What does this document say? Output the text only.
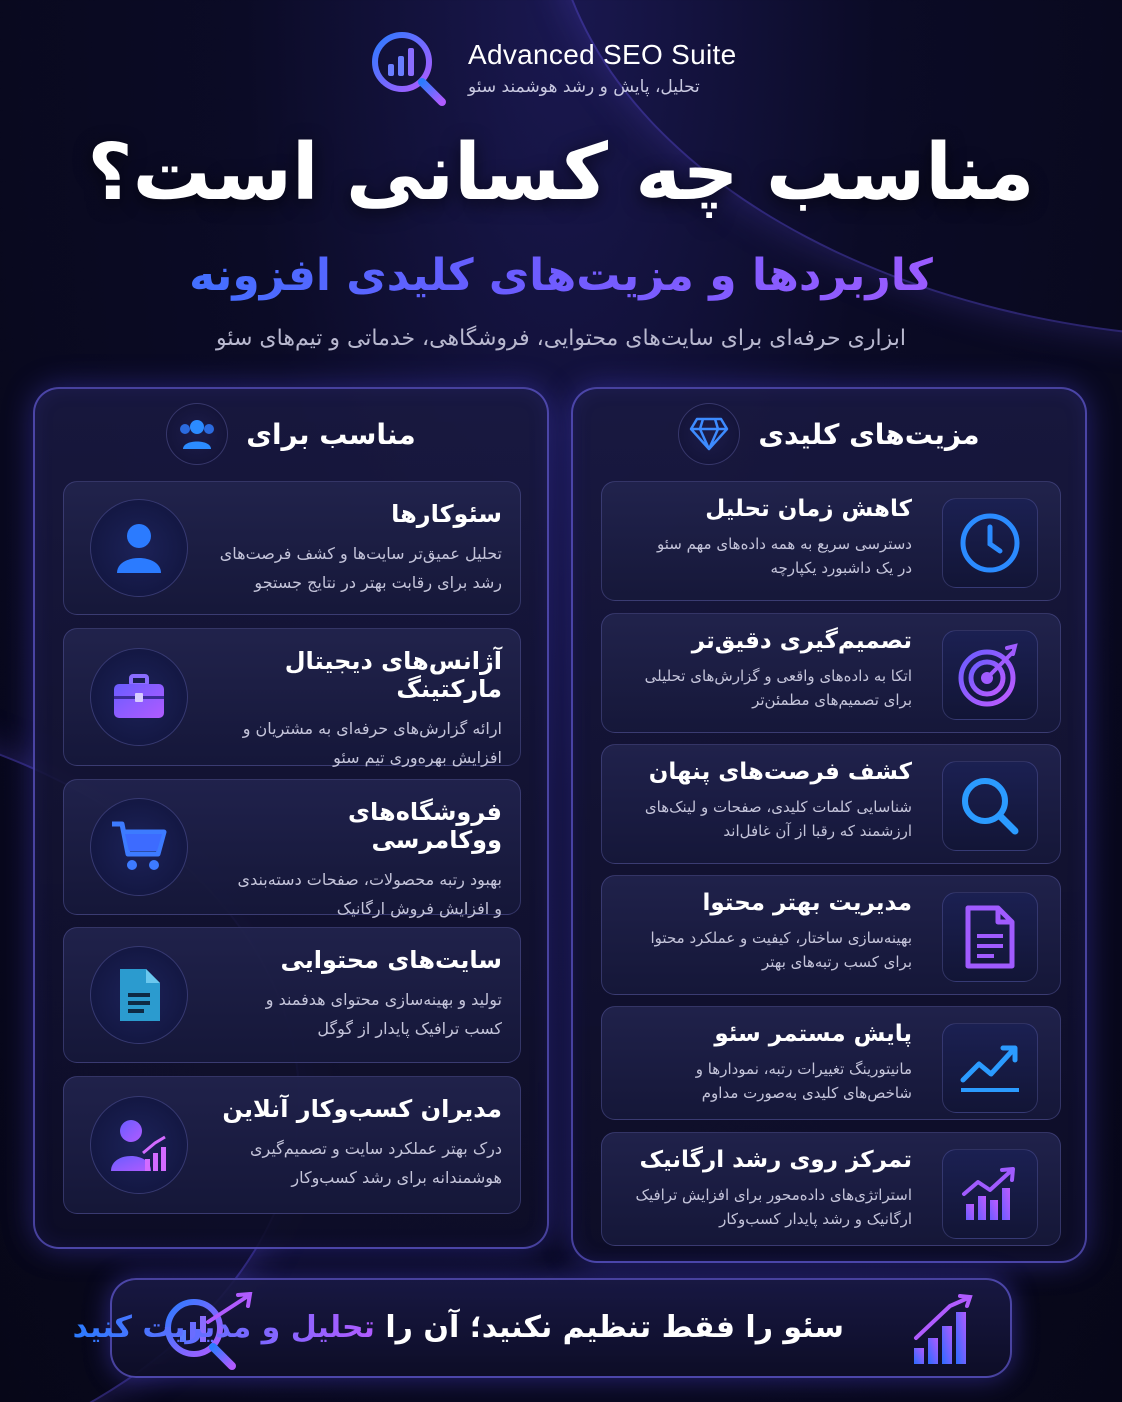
Advanced SEO Suite
تحلیل، پایش و رشد هوشمند سئو
مناسب چه کسانی است؟
کاربردها و مزیت‌های کلیدی افزونه
ابزاری حرفه‌ای برای سایت‌های محتوایی، فروشگاهی، خدماتی و تیم‌های سئو
مزیت‌های کلیدی
کاهش زمان تحلیل
دسترسی سریع به همه داده‌های مهم سئو
در یک داشبورد یکپارچه
تصمیم‌گیری دقیق‌تر
اتکا به داده‌های واقعی و گزارش‌های تحلیلی
برای تصمیم‌های مطمئن‌تر
کشف فرصت‌های پنهان
شناسایی کلمات کلیدی، صفحات و لینک‌های
ارزشمند که رقبا از آن غافل‌اند
مدیریت بهتر محتوا
بهینه‌سازی ساختار، کیفیت و عملکرد محتوا
برای کسب رتبه‌های بهتر
پایش مستمر سئو
مانیتورینگ تغییرات رتبه، نمودارها و
شاخص‌های کلیدی به‌صورت مداوم
تمرکز روی رشد ارگانیک
استراتژی‌های داده‌محور برای افزایش ترافیک
ارگانیک و رشد پایدار کسب‌وکار
مناسب برای
سئوکارها
تحلیل عمیق‌تر سایت‌ها و کشف فرصت‌های
رشد برای رقابت بهتر در نتایج جستجو
آژانس‌های دیجیتال مارکتینگ
ارائه گزارش‌های حرفه‌ای به مشتریان و
افزایش بهره‌وری تیم سئو
فروشگاه‌های ووکامرسی
بهبود رتبه محصولات، صفحات دسته‌بندی
و افزایش فروش ارگانیک
سایت‌های محتوایی
تولید و بهینه‌سازی محتوای هدفمند و
کسب ترافیک پایدار از گوگل
مدیران کسب‌وکار آنلاین
درک بهتر عملکرد سایت و تصمیم‌گیری
هوشمندانه برای رشد کسب‌وکار
سئو را فقط تنظیم نکنید؛ آن را تحلیل و مدیریت کنید
